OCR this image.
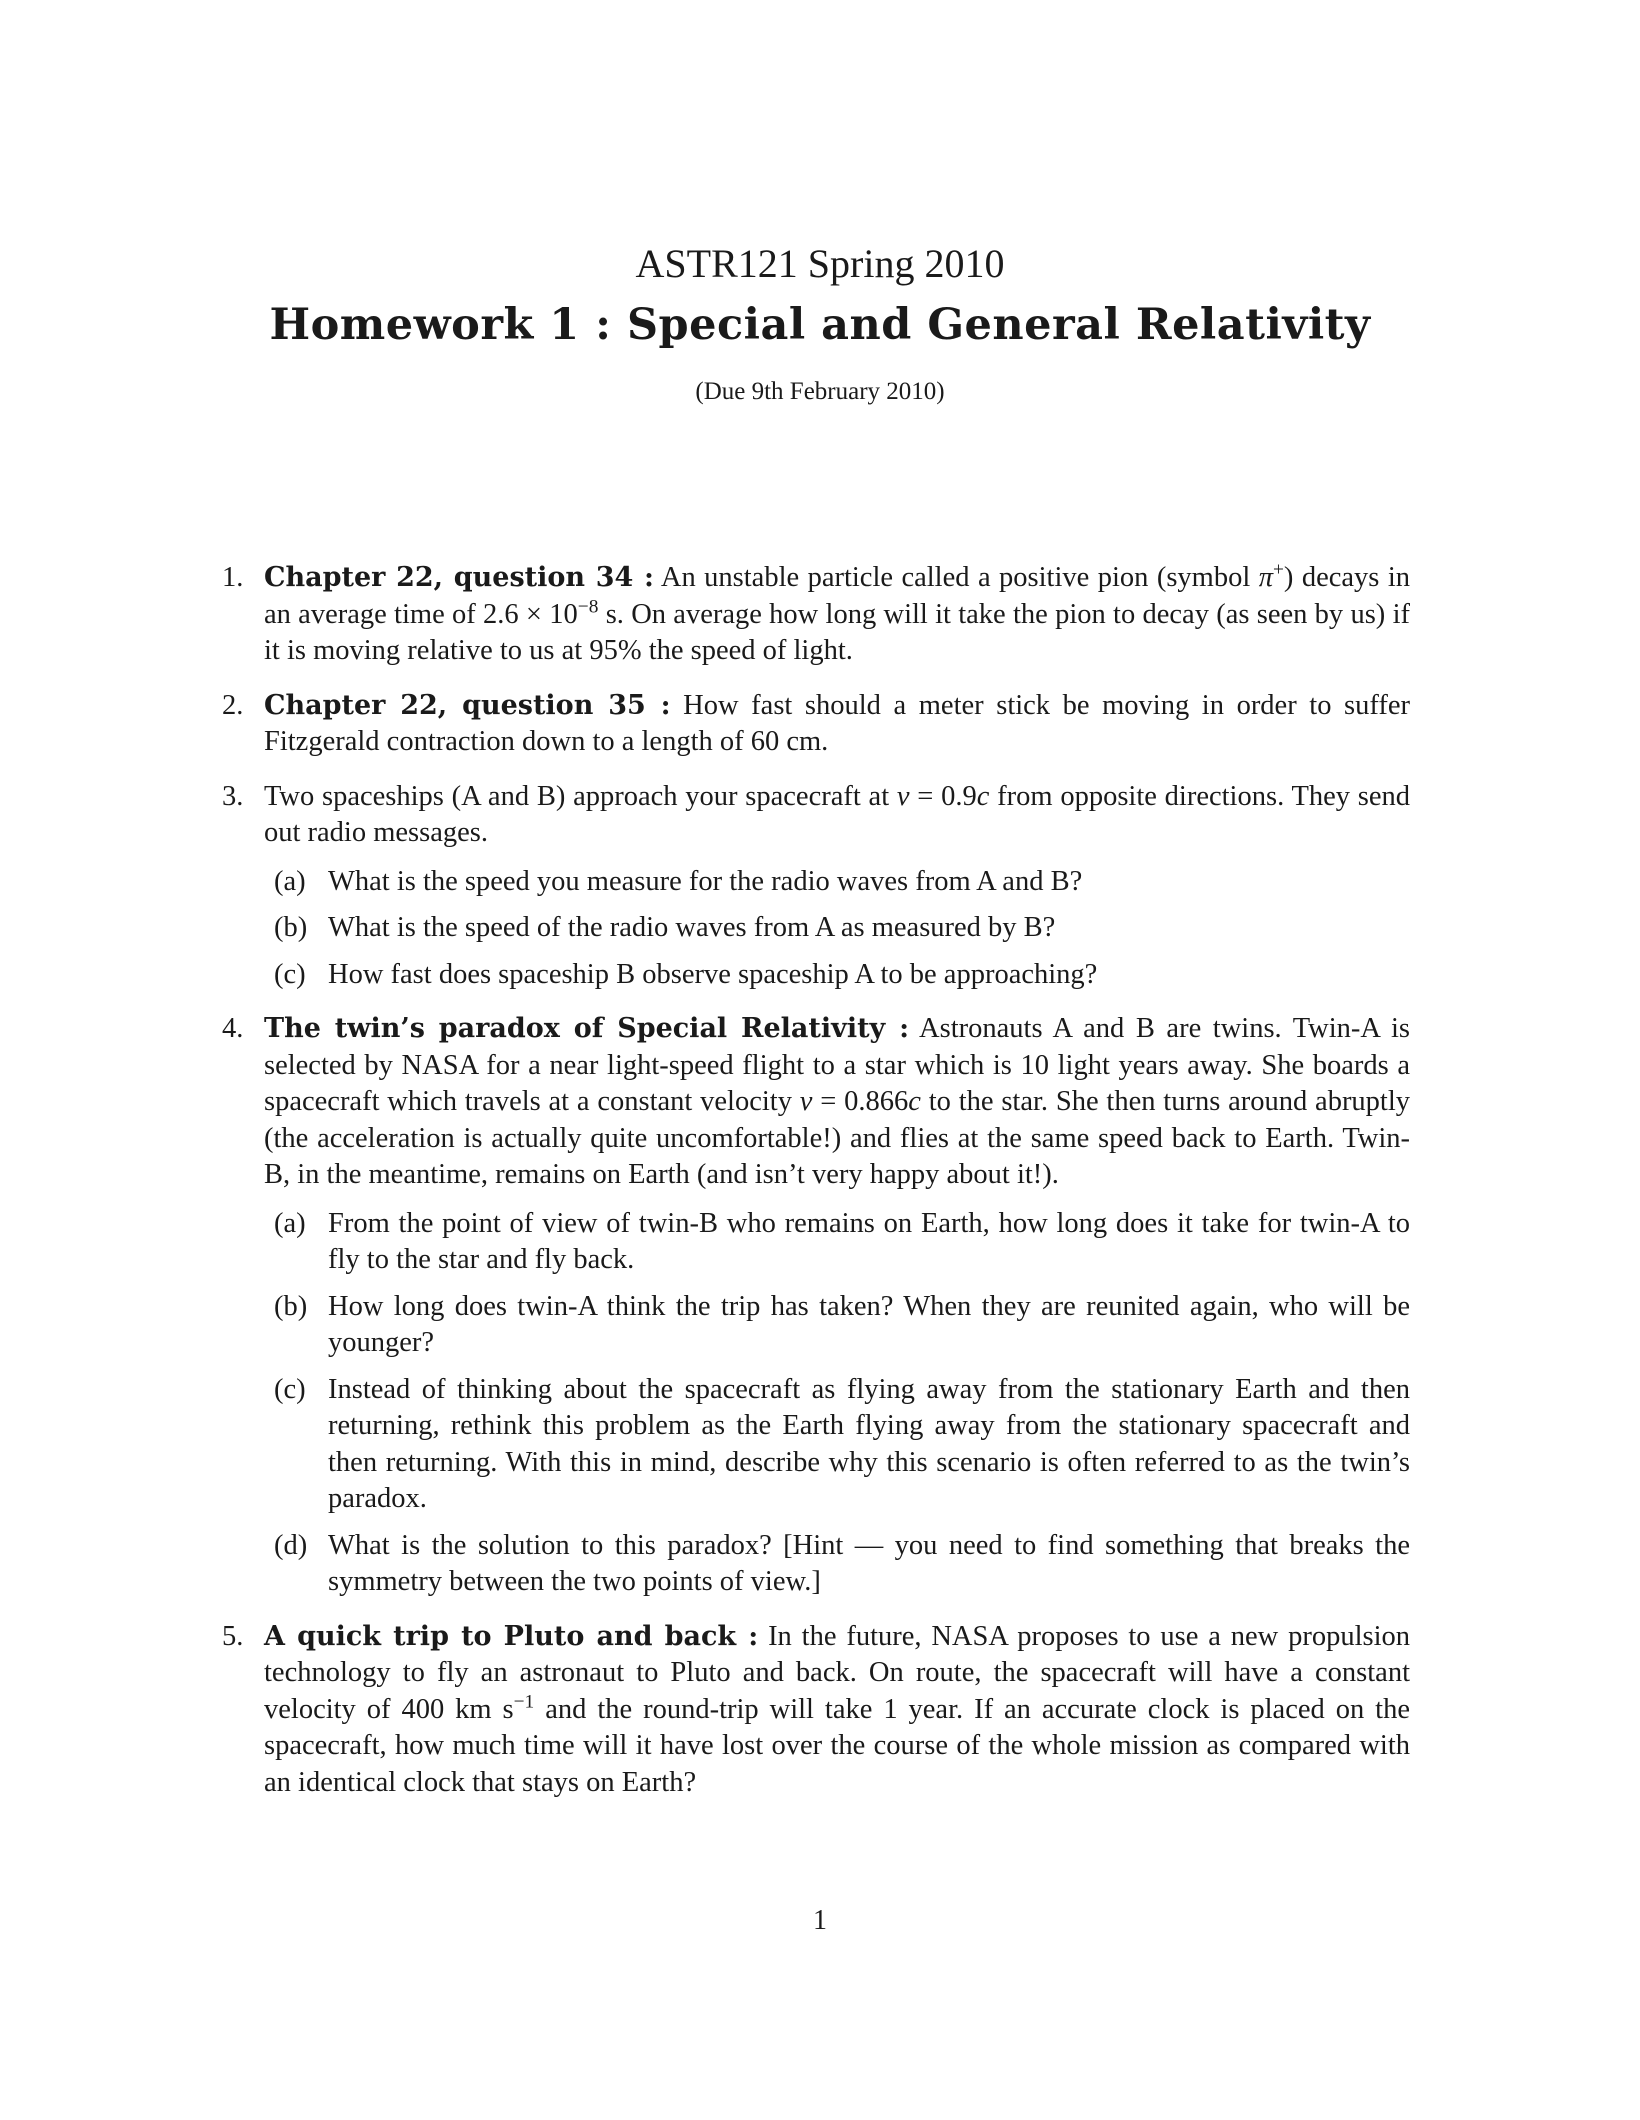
ASTR121 Spring 2010
Homework 1 : Special and General Relativity
(Due 9th February 2010)
1. Chapter 22, question 34 : An unstable particle called a positive pion (symbol π+) decays in an average time of $2.6 \times 10^{-8}$ s. On average how long will it take the pion to decay (as seen by us) if it is moving relative to us at 95% the speed of light.
2. Chapter 22, question 35 : How fast should a meter stick be moving in order to suffer Fitzgerald contraction down to a length of 60 cm.
3. Two spaceships (A and B) approach your spacecraft at v = 0.9c from opposite directions. They send out radio messages.
(a) What is the speed you measure for the radio waves from A and B?
(b) What is the speed of the radio waves from A as measured by B?
(c) How fast does spaceship B observe spaceship A to be approaching?
4. The twin’s paradox of Special Relativity : Astronauts A and B are twins. Twin-A is selected by NASA for a near light-speed flight to a star which is 10 light years away. She boards a spacecraft which travels at a constant velocity v = 0.866c to the star. She then turns around abruptly (the acceleration is actually quite uncomfortable!) and flies at the same speed back to Earth. Twin-B, in the meantime, remains on Earth (and isn’t very happy about it!).
(a) From the point of view of twin-B who remains on Earth, how long does it take for twin-A to fly to the star and fly back.
(b) How long does twin-A think the trip has taken? When they are reunited again, who will be younger?
(c) Instead of thinking about the spacecraft as flying away from the stationary Earth and then returning, rethink this problem as the Earth flying away from the stationary spacecraft and then returning. With this in mind, describe why this scenario is often referred to as the twin’s paradox.
(d) What is the solution to this paradox? [Hint — you need to find something that breaks the symmetry between the two points of view.]
5. A quick trip to Pluto and back : In the future, NASA proposes to use a new propulsion technology to fly an astronaut to Pluto and back. On route, the spacecraft will have a constant velocity of 400 km $s^{-1}$ and the round-trip will take 1 year. If an accurate clock is placed on the spacecraft, how much time will it have lost over the course of the whole mission as compared with an identical clock that stays on Earth?
1
